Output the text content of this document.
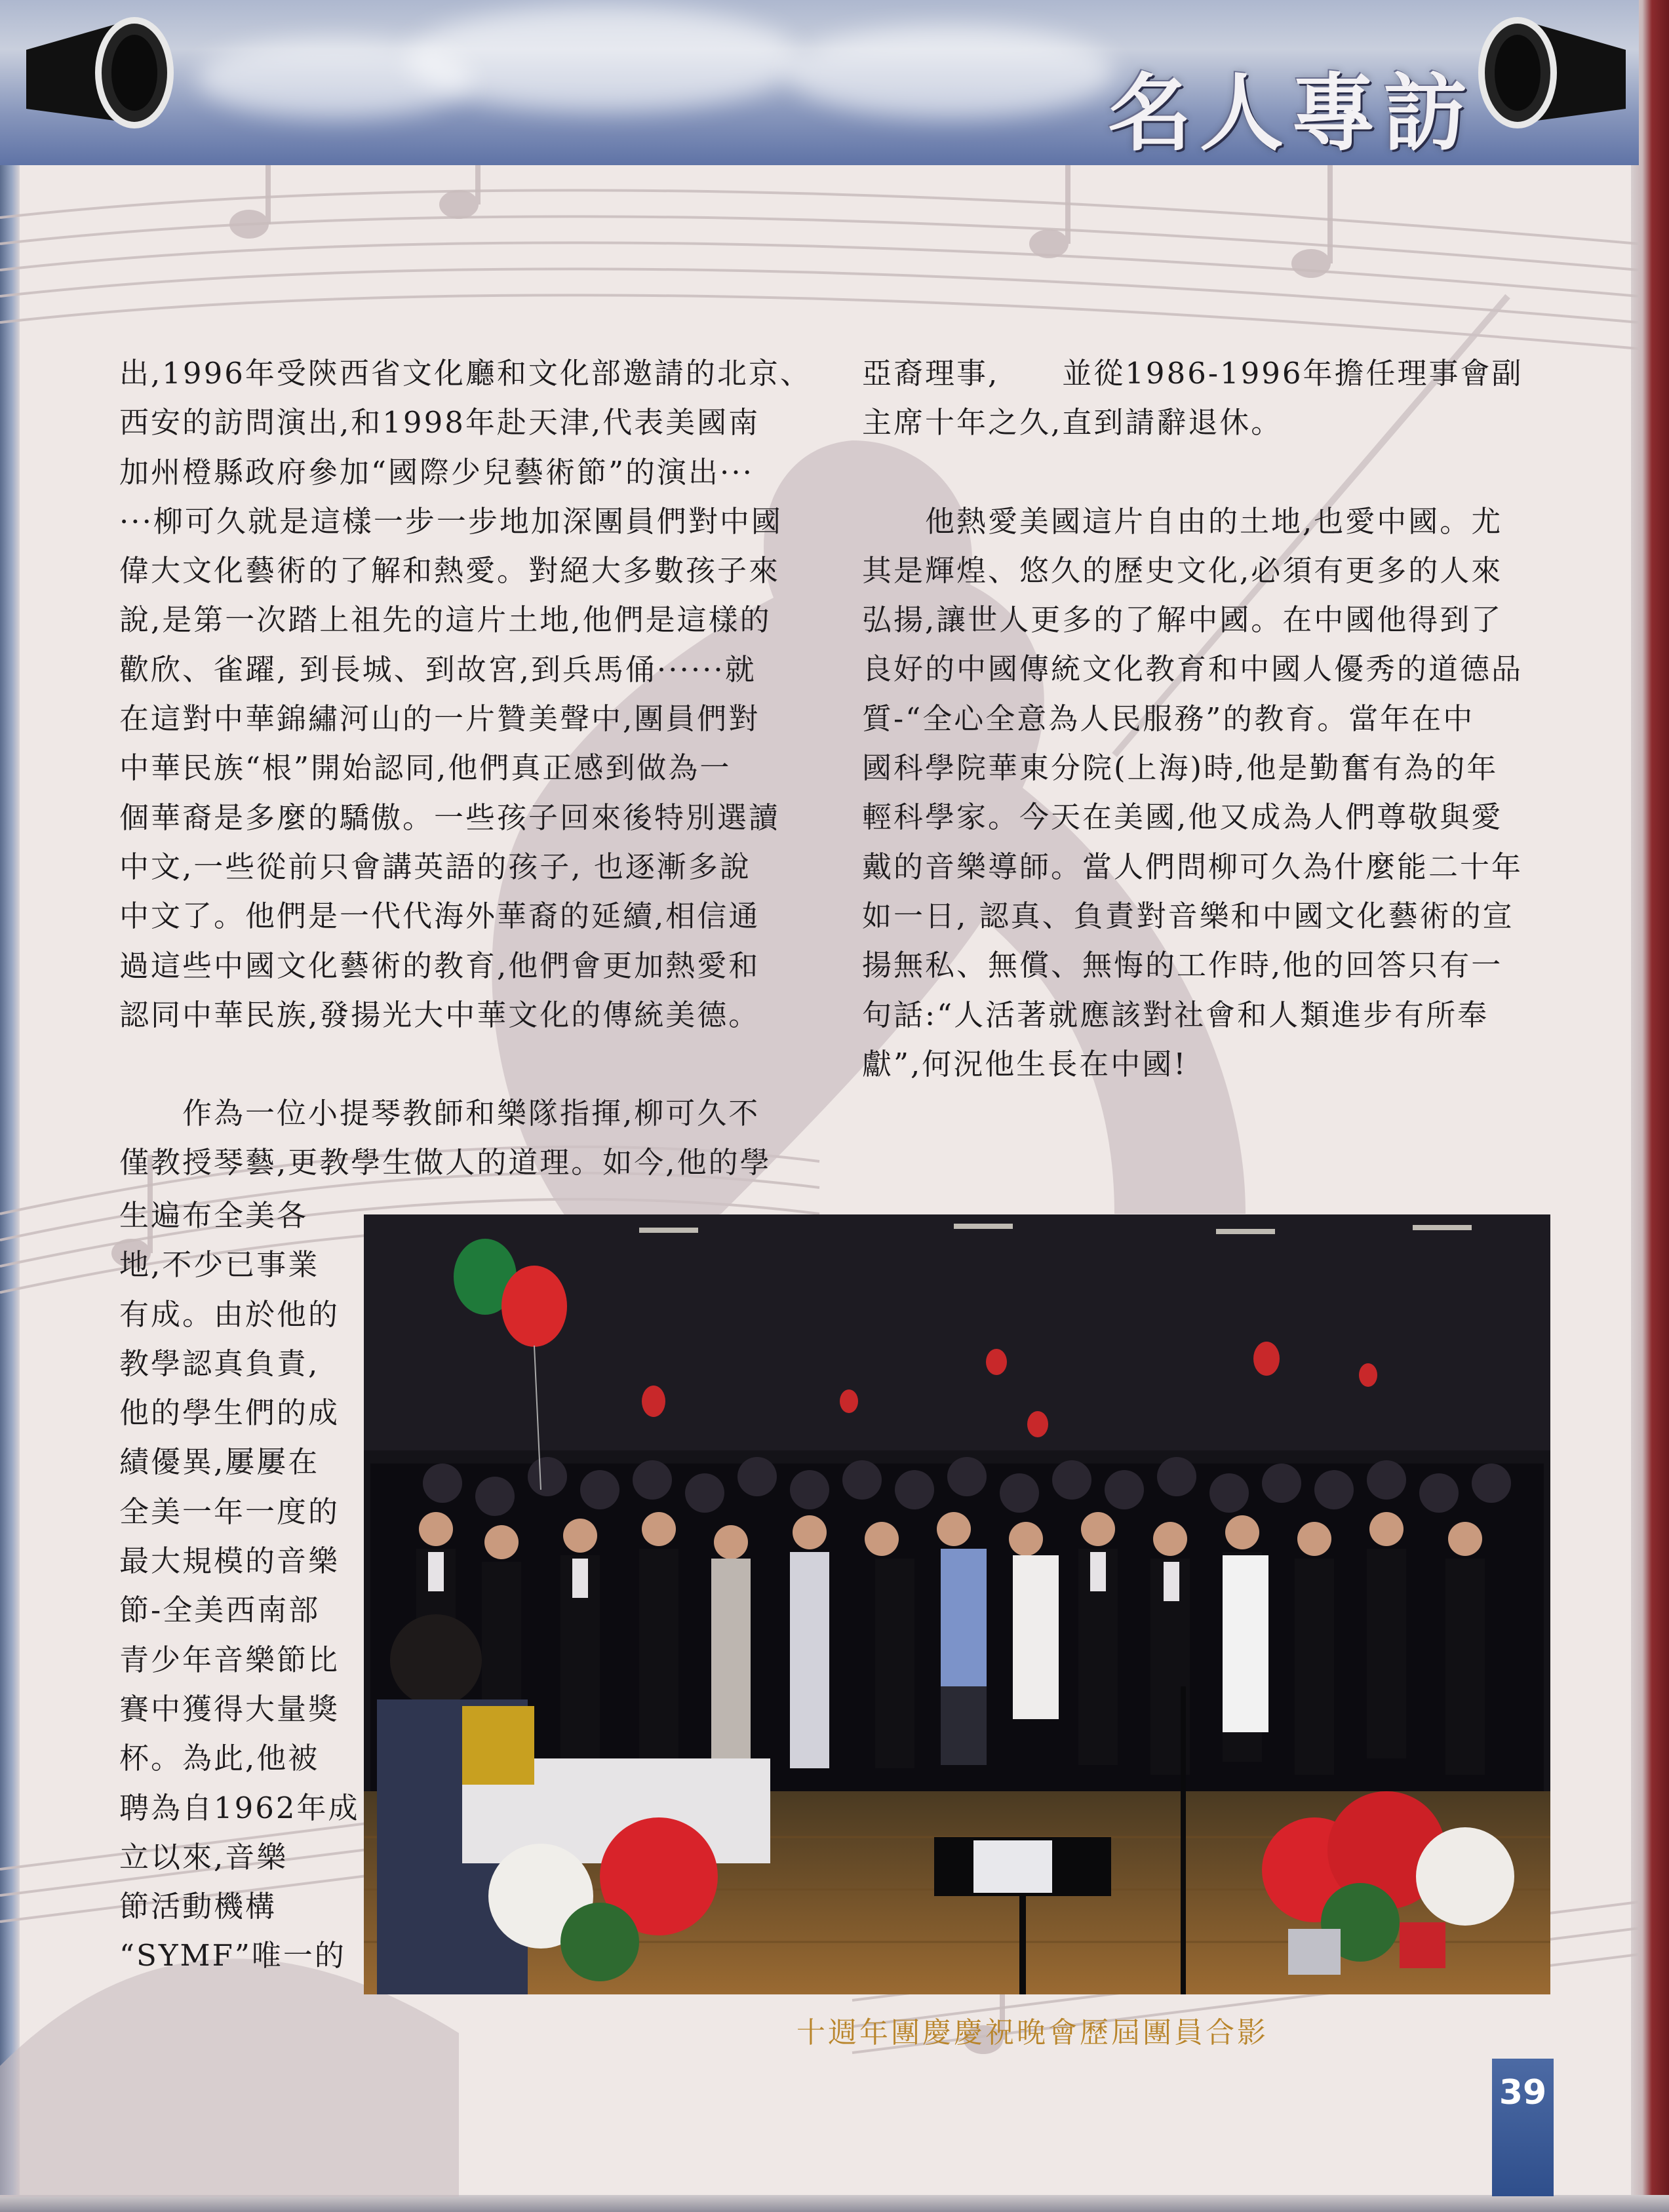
名人專訪

出,1996年受陝西省文化廳和文化部邀請的北京、
西安的訪問演出,和1998年赴天津,代表美國南
加州橙縣政府參加“國際少兒藝術節”的演出···
···柳可久就是這樣一步一步地加深團員們對中國
偉大文化藝術的了解和熱愛。對絕大多數孩子來
說,是第一次踏上祖先的這片土地,他們是這樣的
歡欣、雀躍, 到長城、到故宮,到兵馬俑······就
在這對中華錦繡河山的一片贊美聲中,團員們對
中華民族“根”開始認同,他們真正感到做為一
個華裔是多麼的驕傲。一些孩子回來後特別選讀
中文,一些從前只會講英語的孩子, 也逐漸多說
中文了。他們是一代代海外華裔的延續,相信通
過這些中國文化藝術的教育,他們會更加熱愛和
認同中華民族,發揚光大中華文化的傳統美德。

　　作為一位小提琴教師和樂隊指揮,柳可久不
僅教授琴藝,更教學生做人的道理。如今,他的學

生遍布全美各
地,不少已事業
有成。由於他的
教學認真負責,
他的學生們的成
績優異,屢屢在
全美一年一度的
最大規模的音樂
節-全美西南部
青少年音樂節比
賽中獲得大量獎
杯。為此,他被
聘為自1962年成
立以來,音樂
節活動機構
“SYMF”唯一的

亞裔理事,　　並從1986-1996年擔任理事會副
主席十年之久,直到請辭退休。

　　他熱愛美國這片自由的土地,也愛中國。尤
其是輝煌、悠久的歷史文化,必須有更多的人來
弘揚,讓世人更多的了解中國。在中國他得到了
良好的中國傳統文化教育和中國人優秀的道德品
質-“全心全意為人民服務”的教育。當年在中
國科學院華東分院(上海)時,他是勤奮有為的年
輕科學家。今天在美國,他又成為人們尊敬與愛
戴的音樂導師。當人們問柳可久為什麼能二十年
如一日, 認真、負責對音樂和中國文化藝術的宣
揚無私、無償、無悔的工作時,他的回答只有一
句話:“人活著就應該對社會和人類進步有所奉
獻”,何況他生長在中國!

十週年團慶慶祝晚會歷屆團員合影
39
